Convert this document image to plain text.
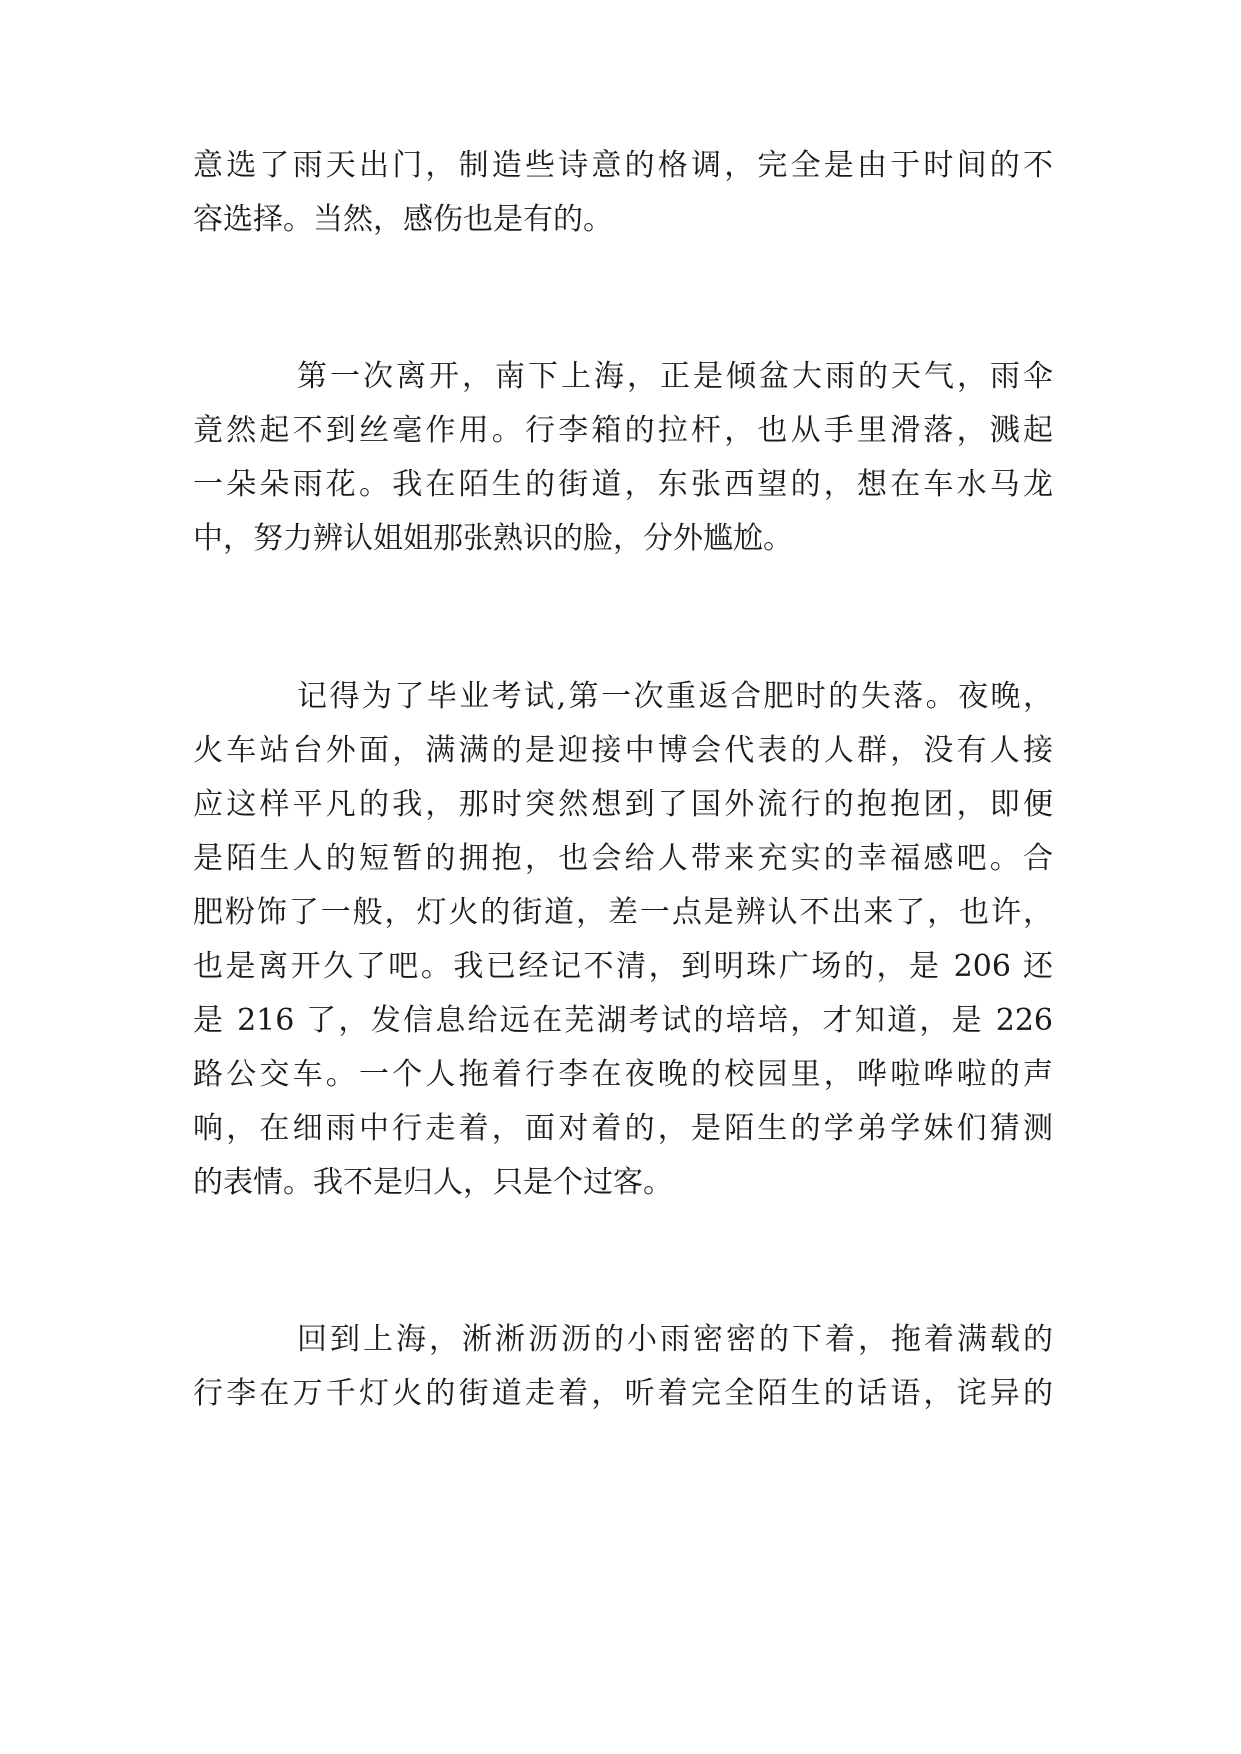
意选了雨天出门，制造些诗意的格调，完全是由于时间的不
容选择。当然，感伤也是有的。
第一次离开，南下上海，正是倾盆大雨的天气，雨伞
竟然起不到丝毫作用。行李箱的拉杆，也从手里滑落，溅起
一朵朵雨花。我在陌生的街道，东张西望的，想在车水马龙
中，努力辨认姐姐那张熟识的脸，分外尴尬。
记得为了毕业考试,第一次重返合肥时的失落。夜晚，
火车站台外面，满满的是迎接中博会代表的人群，没有人接
应这样平凡的我，那时突然想到了国外流行的抱抱团，即便
是陌生人的短暂的拥抱，也会给人带来充实的幸福感吧。合
肥粉饰了一般，灯火的街道，差一点是辨认不出来了，也许，
也是离开久了吧。我已经记不清，到明珠广场的，是 206 还
是 216 了，发信息给远在芜湖考试的培培，才知道，是 226
路公交车。一个人拖着行李在夜晚的校园里，哗啦哗啦的声
响，在细雨中行走着，面对着的，是陌生的学弟学妹们猜测
的表情。我不是归人，只是个过客。
回到上海，淅淅沥沥的小雨密密的下着，拖着满载的
行李在万千灯火的街道走着，听着完全陌生的话语，诧异的
